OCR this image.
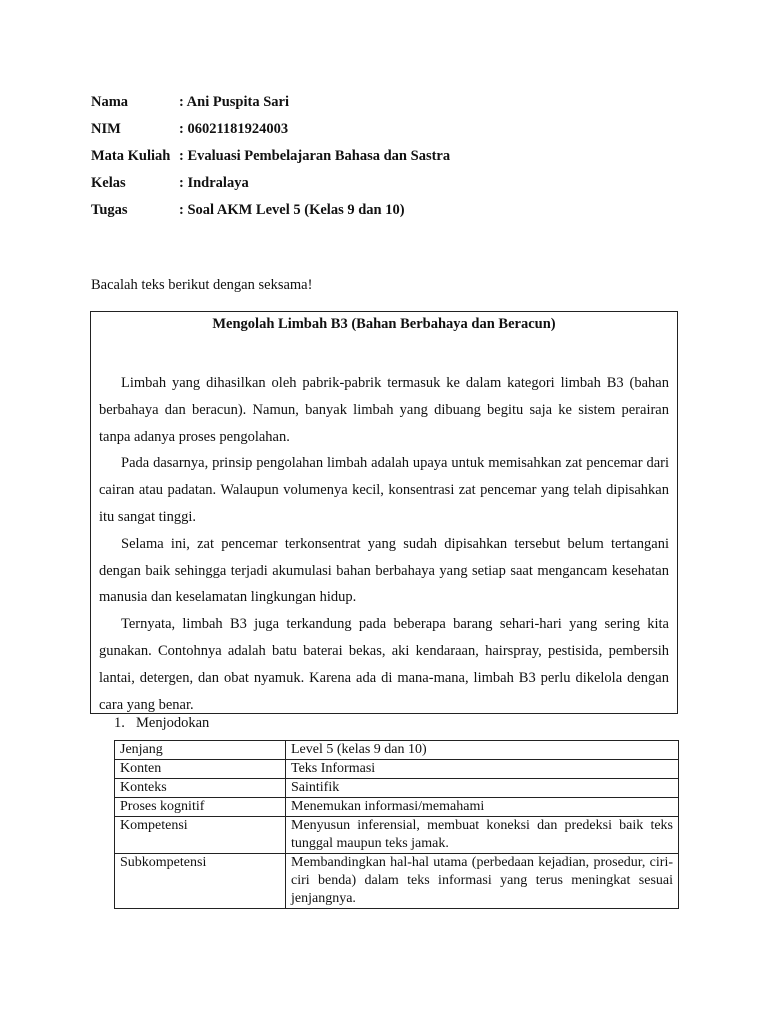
Nama	: Ani Puspita Sari
NIM	: 06021181924003
Mata Kuliah : Evaluasi Pembelajaran Bahasa dan Sastra
Kelas	: Indralaya
Tugas	: Soal AKM Level 5 (Kelas 9 dan 10)
Bacalah teks berikut dengan seksama!
Mengolah Limbah B3 (Bahan Berbahaya dan Beracun)

Limbah yang dihasilkan oleh pabrik-pabrik termasuk ke dalam kategori limbah B3 (bahan berbahaya dan beracun). Namun, banyak limbah yang dibuang begitu saja ke sistem perairan tanpa adanya proses pengolahan.

Pada dasarnya, prinsip pengolahan limbah adalah upaya untuk memisahkan zat pencemar dari cairan atau padatan. Walaupun volumenya kecil, konsentrasi zat pencemar yang telah dipisahkan itu sangat tinggi.

Selama ini, zat pencemar terkonsentrat yang sudah dipisahkan tersebut belum tertangani dengan baik sehingga terjadi akumulasi bahan berbahaya yang setiap saat mengancam kesehatan manusia dan keselamatan lingkungan hidup.

Ternyata, limbah B3 juga terkandung pada beberapa barang sehari-hari yang sering kita gunakan. Contohnya adalah batu baterai bekas, aki kendaraan, hairspray, pestisida, pembersih lantai, detergen, dan obat nyamuk. Karena ada di mana-mana, limbah B3 perlu dikelola dengan cara yang benar.

1. Menjodokan
Jenjang	Level 5 (kelas 9 dan 10)
Konten	Teks Informasi
Konteks	Saintifik
Proses kognitif	Menemukan informasi/memahami
Kompetensi	Menyusun inferensial, membuat koneksi dan predeksi baik teks tunggal maupun teks jamak.
Subkompetensi	Membandingkan hal-hal utama (perbedaan kejadian, prosedur, ciri-ciri benda) dalam teks informasi yang terus meningkat sesuai jenjangnya.
